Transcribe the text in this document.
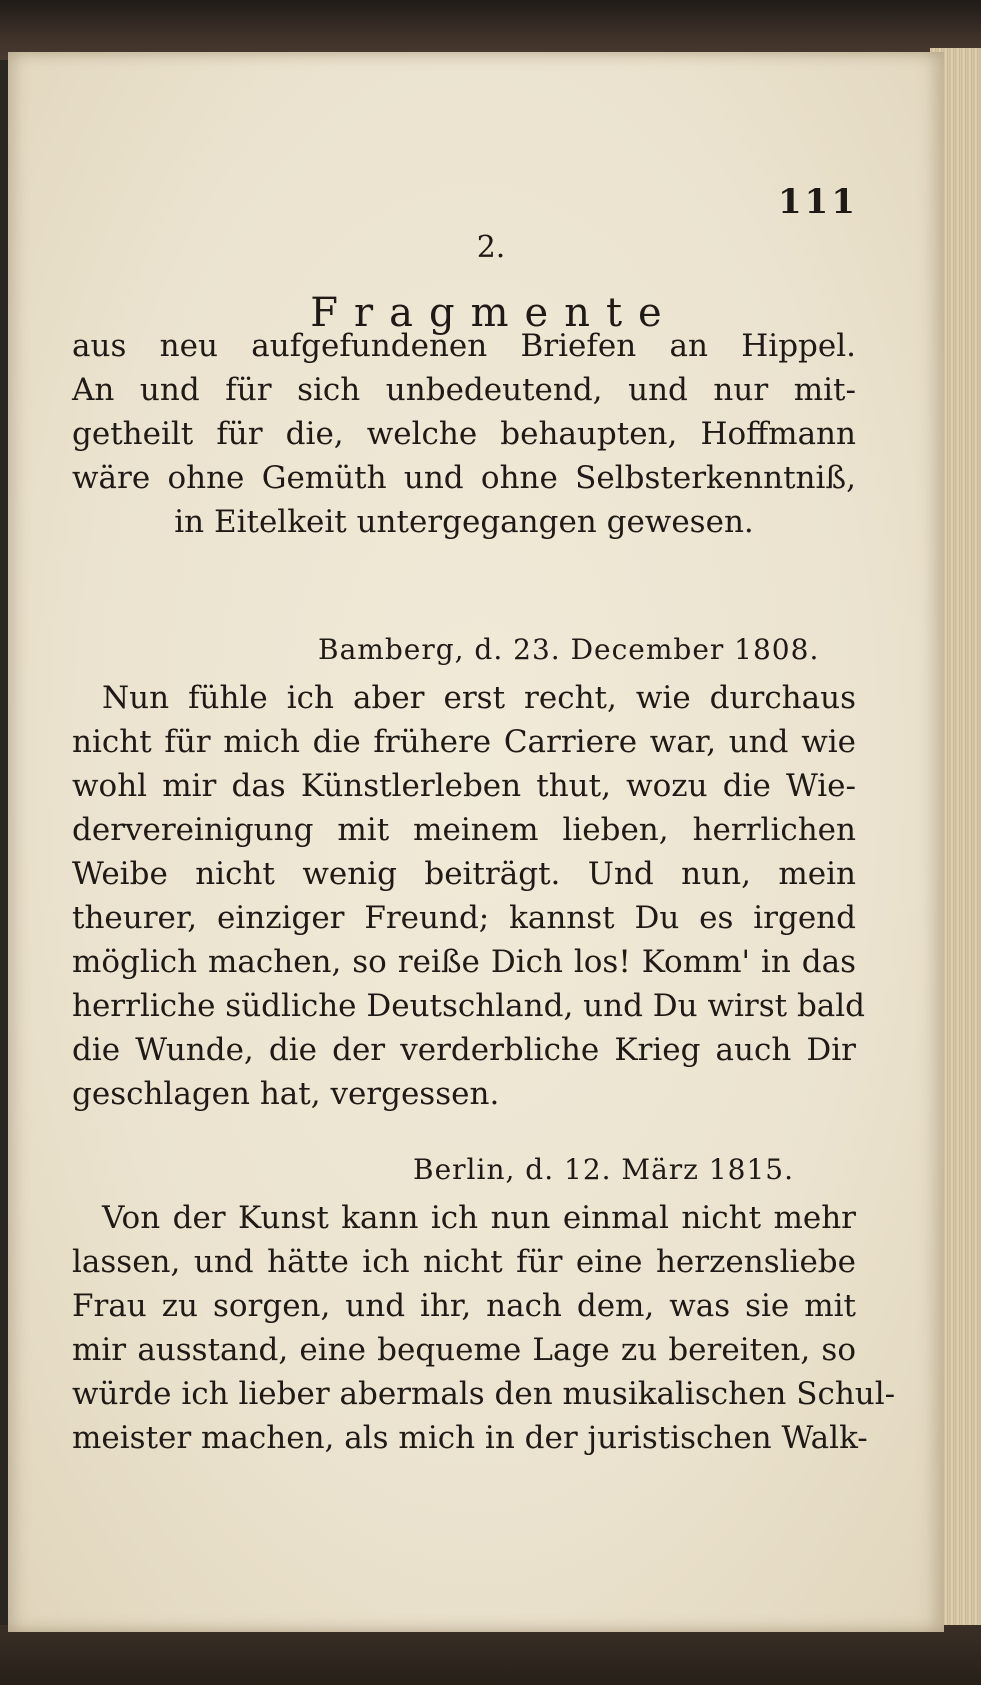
111
2.
Fragmente
aus neu aufgefundenen Briefen an Hippel.
An und für sich unbedeutend, und nur mit-
getheilt für die, welche behaupten, Hoffmann
wäre ohne Gemüth und ohne Selbsterkenntniß,
in Eitelkeit untergegangen gewesen.
Bamberg, d. 23. December 1808.
Nun fühle ich aber erst recht, wie durchaus
nicht für mich die frühere Carriere war, und wie
wohl mir das Künstlerleben thut, wozu die Wie-
dervereinigung mit meinem lieben, herrlichen
Weibe nicht wenig beiträgt. Und nun, mein
theurer, einziger Freund; kannst Du es irgend
möglich machen, so reiße Dich los! Komm' in das
herrliche südliche Deutschland, und Du wirst bald
die Wunde, die der verderbliche Krieg auch Dir
geschlagen hat, vergessen.
Berlin, d. 12. März 1815.
Von der Kunst kann ich nun einmal nicht mehr
lassen, und hätte ich nicht für eine herzensliebe
Frau zu sorgen, und ihr, nach dem, was sie mit
mir ausstand, eine bequeme Lage zu bereiten, so
würde ich lieber abermals den musikalischen Schul-
meister machen, als mich in der juristischen Walk-
